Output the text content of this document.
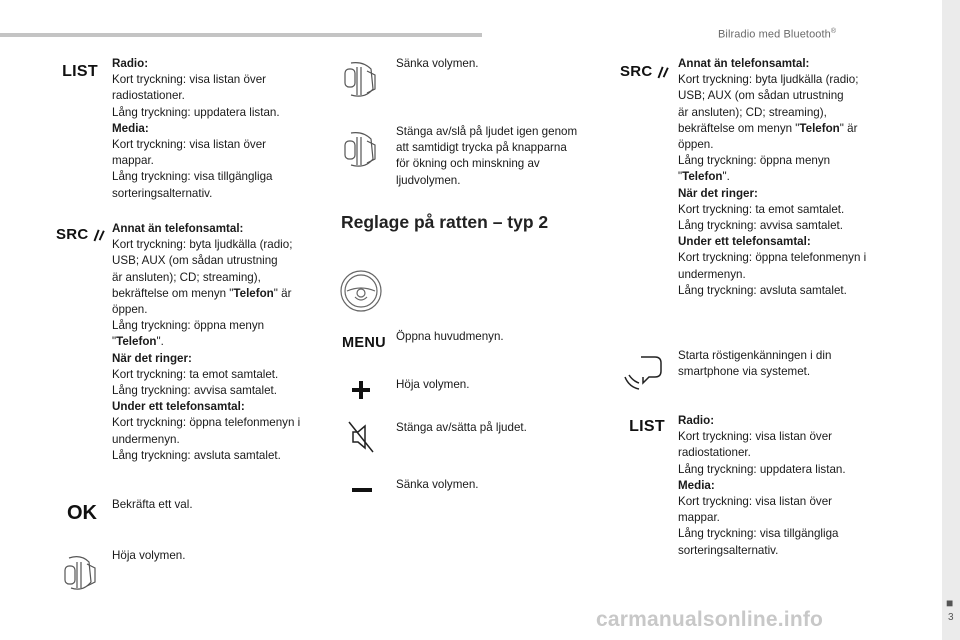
Bilradio med Bluetooth®
■
3
carmanualsonline.info
LIST Radio:

Kort tryckning: visa listan över

radiostationer.

Lång tryckning: uppdatera listan.

Media:

Kort tryckning: visa listan över

mappar.

Lång tryckning: visa tillgängliga

sorteringsalternativ.

SRC Annat än telefonsamtal:

Kort tryckning: byta ljudkälla (radio;

USB; AUX (om sådan utrustning

är ansluten); CD; streaming),

bekräftelse om menyn "Telefon" är

öppen.

Lång tryckning: öppna menyn

"Telefon".

När det ringer:

Kort tryckning: ta emot samtalet.

Lång tryckning: avvisa samtalet.

Under ett telefonsamtal:

Kort tryckning: öppna telefonmenyn i

undermenyn.

Lång tryckning: avsluta samtalet.

OK	Bekräfta ett val.
Höja volymen.
Sänka volymen.

Stänga av/slå på ljudet igen genom

att samtidigt trycka på knapparna

för ökning och minskning av

ljudvolymen.

Reglage på ratten – typ 2
MENU Öppna huvudmenyn.
Höja volymen.
Stänga av/sätta på ljudet.
Sänka volymen.
SRC Annat än telefonsamtal:

Kort tryckning: byta ljudkälla (radio;

USB; AUX (om sådan utrustning

är ansluten); CD; streaming),

bekräftelse om menyn "Telefon" är

öppen.

Lång tryckning: öppna menyn

"Telefon".

När det ringer:

Kort tryckning: ta emot samtalet.

Lång tryckning: avvisa samtalet.

Under ett telefonsamtal:

Kort tryckning: öppna telefonmenyn i

undermenyn.

Lång tryckning: avsluta samtalet.

Starta röstigenkänningen i din

smartphone via systemet.

LIST Radio:

Kort tryckning: visa listan över

radiostationer.

Lång tryckning: uppdatera listan.

Media:

Kort tryckning: visa listan över

mappar.

Lång tryckning: visa tillgängliga

sorteringsalternativ.
